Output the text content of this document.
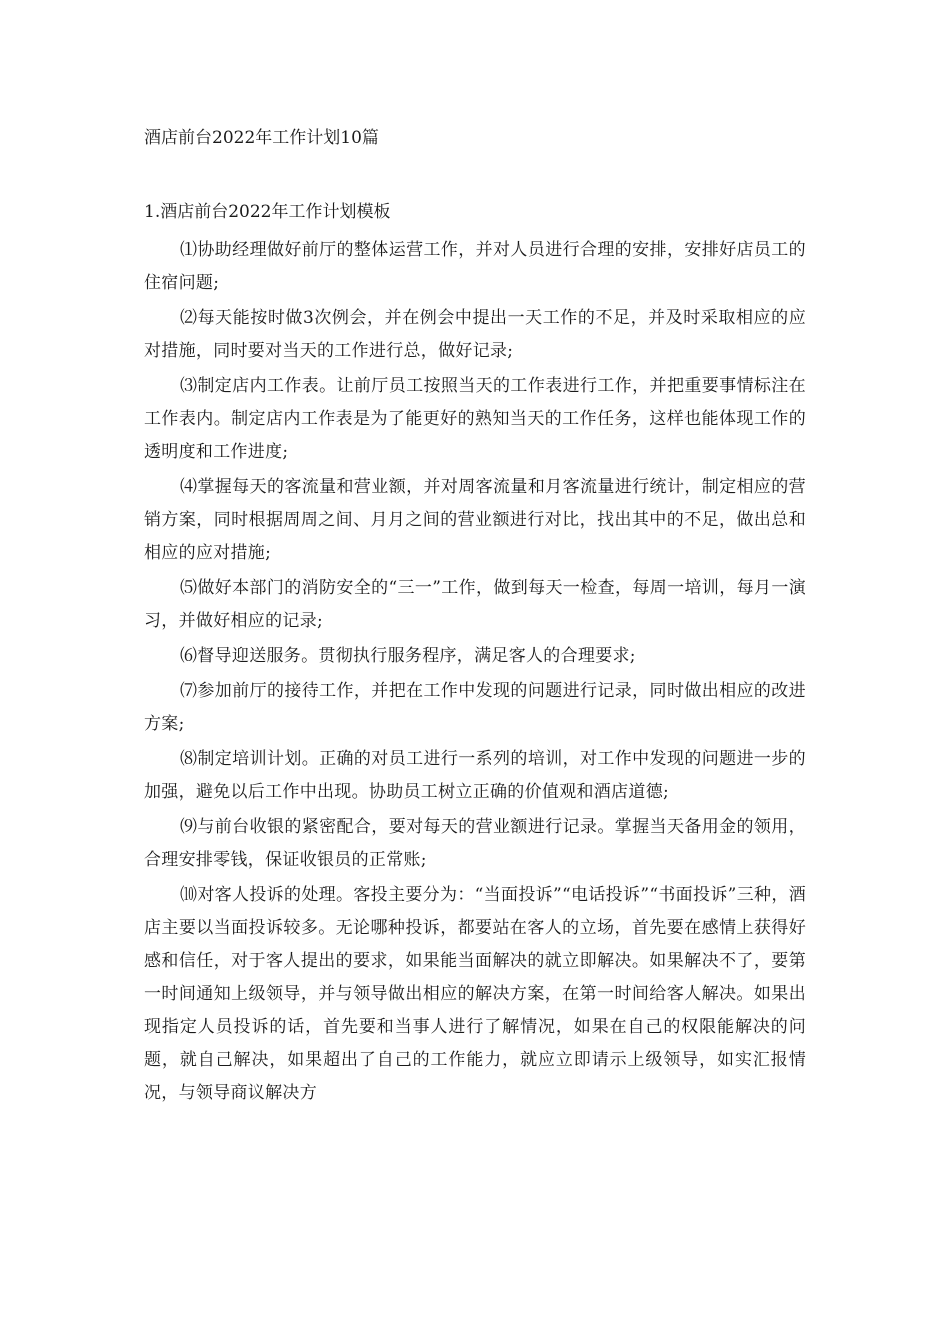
酒店前台2022年工作计划10篇
1.酒店前台2022年工作计划模板

⑴协助经理做好前厅的整体运营工作，并对人员进行合理的安排，安排好店员工的住宿问题;

⑵每天能按时做3次例会，并在例会中提出一天工作的不足，并及时采取相应的应对措施，同时要对当天的工作进行总，做好记录;

⑶制定店内工作表。让前厅员工按照当天的工作表进行工作，并把重要事情标注在工作表内。制定店内工作表是为了能更好的熟知当天的工作任务，这样也能体现工作的透明度和工作进度;

⑷掌握每天的客流量和营业额，并对周客流量和月客流量进行统计，制定相应的营销方案，同时根据周周之间、月月之间的营业额进行对比，找出其中的不足，做出总和相应的应对措施;

⑸做好本部门的消防安全的“三一”工作，做到每天一检查，每周一培训，每月一演习，并做好相应的记录;

⑹督导迎送服务。贯彻执行服务程序，满足客人的合理要求;

⑺参加前厅的接待工作，并把在工作中发现的问题进行记录，同时做出相应的改进方案;

⑻制定培训计划。正确的对员工进行一系列的培训，对工作中发现的问题进一步的加强，避免以后工作中出现。协助员工树立正确的价值观和酒店道德;

⑼与前台收银的紧密配合，要对每天的营业额进行记录。掌握当天备用金的领用，合理安排零钱，保证收银员的正常账;

⑽对客人投诉的处理。客投主要分为：“当面投诉”“电话投诉”“书面投诉”三种，酒店主要以当面投诉较多。无论哪种投诉，都要站在客人的立场，首先要在感情上获得好感和信任，对于客人提出的要求，如果能当面解决的就立即解决。如果解决不了，要第一时间通知上级领导，并与领导做出相应的解决方案，在第一时间给客人解决。如果出现指定人员投诉的话，首先要和当事人进行了解情况，如果在自己的权限能解决的问题，就自己解决，如果超出了自己的工作能力，就应立即请示上级领导，如实汇报情况，与领导商议解决方
